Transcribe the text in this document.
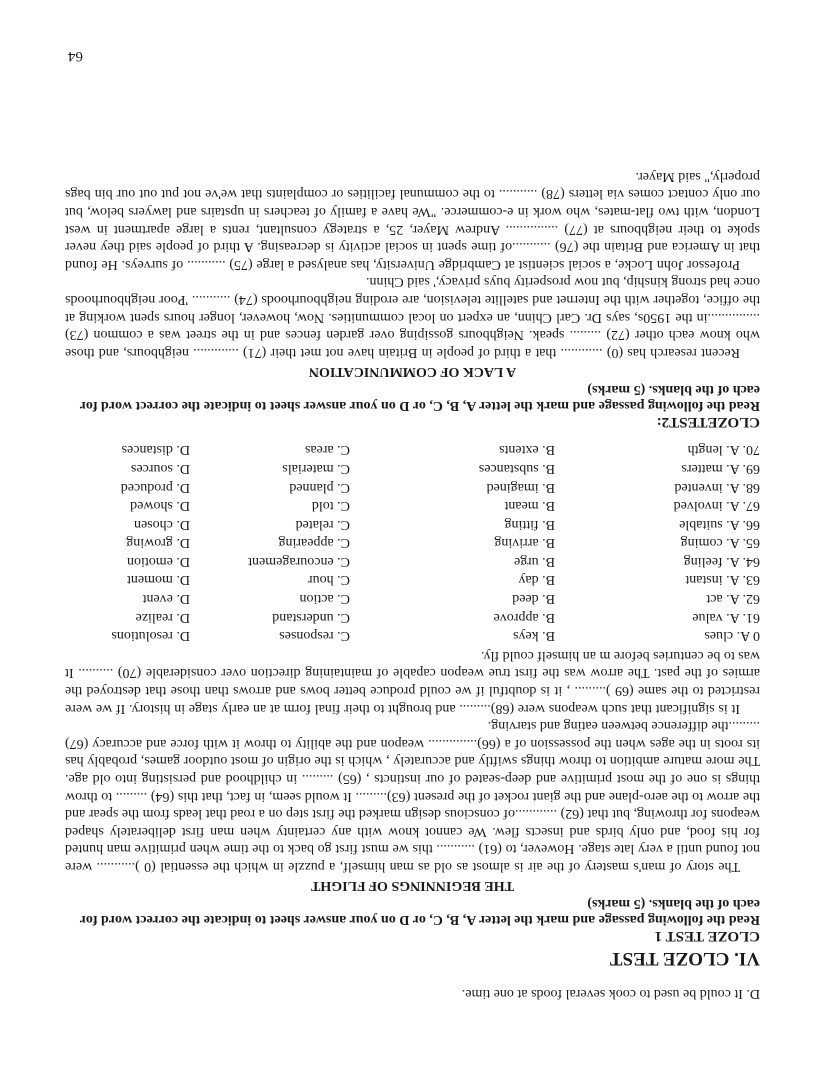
64

D. It could be used to cook several foods at one time.

VI. CLOZE TEST
CLOZE TEST 1
Read the following passage and mark the letter A, B, C, or D on your answer sheet to indicate the correct word for each of the blanks. (5 marks)
THE BEGINNINGS OF FLIGHT

The story of man's mastery of the air is almost as old as man himself, a puzzle in which the essential (0 )........... were not found until a very late stage. However, to (61) ........... this we must first go back to the time when primitive man hunted for his food, and only birds and insects flew. We cannot know with any certainty when man first deliberately shaped weapons for throwing, but that (62) ............of conscious design marked the first step on a road that leads from the spear and the arrow to the aero-plane and the giant rocket of the present (63)......... It would seem, in fact, that this (64) ......... to throw things is one of the most primitive and deep-seated of our instincts , (65) ......... in childhood and persisting into old age. The more mature ambition to throw things swiftly and accurately , which is the origin of most outdoor games, probably has its roots in the ages when the possession of a (66).............. weapon and the ability to throw it with force and accuracy (67) .........the difference between eating and starving.

It is significant that such weapons were (68)......... and brought to their final form at an early stage in history. If we were restricted to the same (69 )......... , it is doubtful if we could produce better bows and arrows than those that destroyed the armies of the past. The arrow was the first true weapon capable of maintaining direction over considerable (70) .......... It was to be centuries before m an himself could fly.

0 A. clues	B. keys	C. responses	D. resolutions
61. A. value	B. approve	C. understand	D. realize
62. A. act	B. deed	C. action	D. event
63. A. instant	B. day	C. hour	D. moment
64. A. feeling	B. urge	C. encouragement	D. emotion
65. A. coming	B. arriving	C. appearing	D. growing
66. A. suitable	B. fitting	C. related	D. chosen
67. A. involved	B. meant	C. told	D. showed
68. A. invented	B. imagined	C. planned	D. produced
69. A. matters	B. substances	C. materials	D. sources
70. A. length	B. extents	C. areas	D. distances
CLOZETEST2:
Read the following passage and mark the letter A, B, C, or D on your answer sheet to indicate the correct word for each of the blanks. (5 marks)
A LACK OF COMMUNICATION

Recent research has (0) ............ that a third of people in Britain have not met their (71) ............. neighbours, and those who know each other (72) ......... speak. Neighbours gossiping over garden fences and in the street was a common (73) ...............in the 1950s, says Dr. Carl Chinn, an expert on local communities. Now, however, longer hours spent working at the office, together with the Internet and satellite television, are eroding neighbourhoods (74) ........... 'Poor neighbourhoods once had strong kinship, but now prosperity buys privacy,' said Chinn.

Professor John Locke, a social scientist at Cambridge University, has analysed a large (75) ........... of surveys. He found that in America and Britain the (76) ...........of time spent in social activity is decreasing. A third of people said they never spoke to their neighbours at (77) ............... Andrew Mayer, 25, a strategy consultant, rents a large apartment in west London, with two flat-mates, who work in e-commerce. "We have a family of teachers in upstairs and lawyers below, but our only contact comes via letters (78) ........... to the communal facilities or complaints that we've not put out our bin bags properly," said Mayer.
